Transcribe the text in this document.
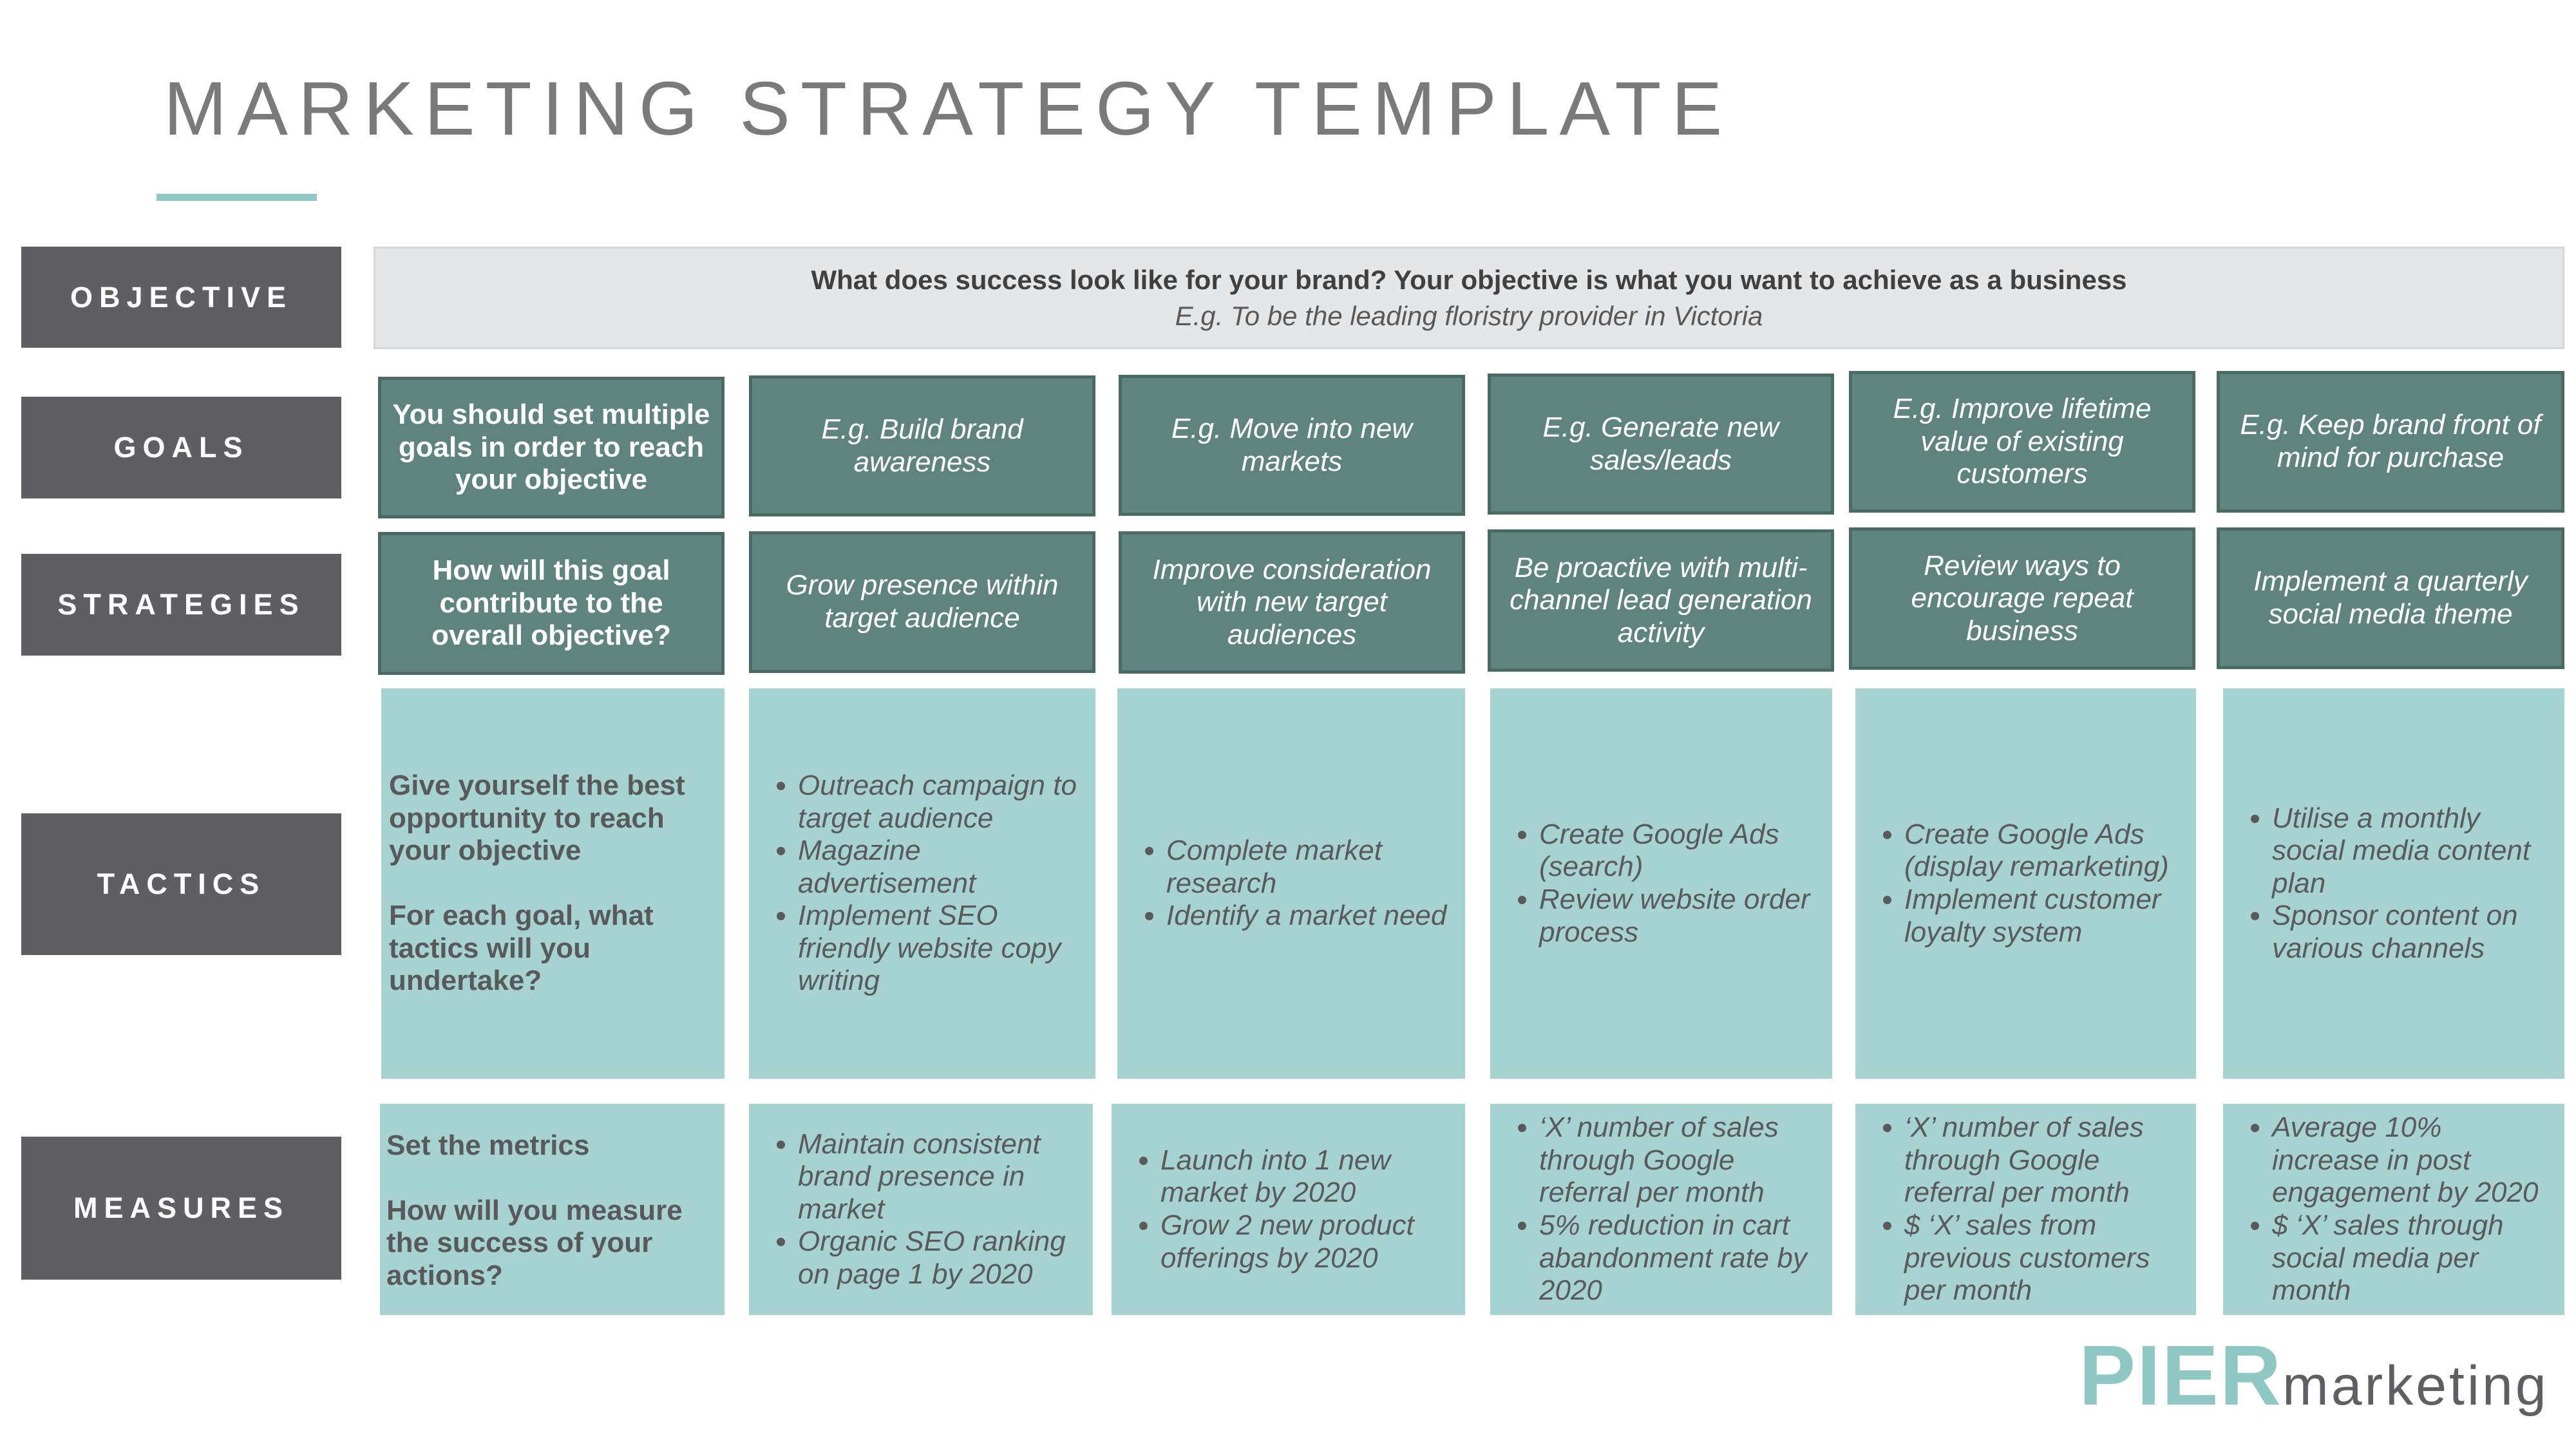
MARKETING STRATEGY TEMPLATE
OBJECTIVE
GOALS
STRATEGIES
TACTICS
MEASURES
What does success look like for your brand? Your objective is what you want to achieve as a business
E.g. To be the leading floristry provider in Victoria
You should set multiple goals in order to reach your objective
E.g. Build brand awareness
E.g. Move into new markets
E.g. Generate new sales/leads
E.g. Improve lifetime value of existing customers
E.g. Keep brand front of mind for purchase
How will this goal contribute to the overall objective?
Grow presence within target audience
Improve consideration with new target audiences
Be proactive with multi-channel lead generation activity
Review ways to encourage repeat business
Implement a quarterly social media theme
Give yourself the best opportunity to reach your objective
For each goal, what tactics will you undertake?
• Outreach campaign to target audience
• Magazine advertisement
• Implement SEO friendly website copy writing
• Complete market research
• Identify a market need
• Create Google Ads (search)
• Review website order process
• Create Google Ads (display remarketing)
• Implement customer loyalty system
• Utilise a monthly social media content plan
• Sponsor content on various channels
Set the metrics
How will you measure the success of your actions?
• Maintain consistent brand presence in market
• Organic SEO ranking on page 1 by 2020
• Launch into 1 new market by 2020
• Grow 2 new product offerings by 2020
• ‘X’ number of sales through Google referral per month
• 5% reduction in cart abandonment rate by 2020
• ‘X’ number of sales through Google referral per month
• $ ‘X’ sales from previous customers per month
• Average 10% increase in post engagement by 2020
• $ ‘X’ sales through social media per month
PIERmarketing
